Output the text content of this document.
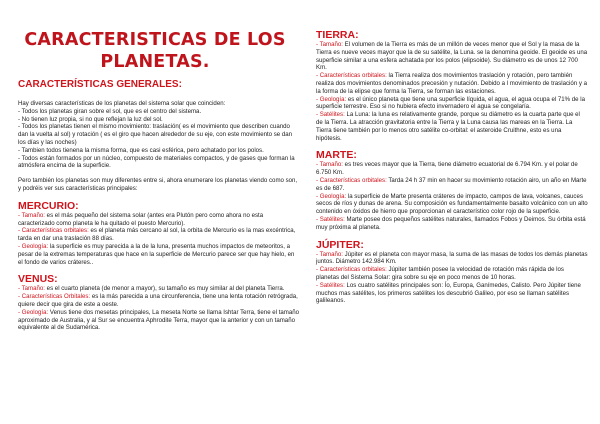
CARACTERISTICAS DE LOS PLANETAS.
CARACTERÍSTICAS GENERALES:

Hay diversas características de los planetas del sistema solar que coinciden:

- Todos los planetas giran sobre el sol, que es el centro del sistema.

- No tienen luz propia, si no que reflejan la luz del sol.

- Todos los planetas tienen el mismo movimiento: traslación( es el movimiento que describen cuando dan la vuelta al sol) y rotación ( es el giro que hacen alrededor de su eje, con este movimiento se dan los días y las noches)

- Tambien todos tienena la misma forma, que es casi esférica, pero achatado por los polos.

- Todos están formados por un núcleo, compuesto de materiales compactos, y de gases que forman la atmósfera encima de la superficie.

Pero también los planetas son muy diferentes entre si, ahora enumerare los planetas viendo como son, y podréis ver sus características principales:

MERCURIO:

- Tamaño: es el más pequeño del sistema solar (antes era Plutón pero como ahora no esta caracterizado como planeta le ha quitado el puesto Mercurio).

- Características orbitales: es el planeta más cercano al sol, la orbita de Mercurio es la mas excéntrica, tarda en dar una traslación 88 días.

- Geología: la superficie es muy parecida a la de la luna, presenta muchos impactos de meteoritos, a pesar de la extremas temperaturas que hace en la superficie de Mercurio parece ser que hay hielo, en el fondo de varios cráteres..

VENUS:

- Tamaño: es el cuarto planeta (de menor a mayor), su tamaño es muy similar al del planeta Tierra.

- Características Orbitales: es la más parecida a una circunferencia, tiene una lenta rotación retrógrada, quiere decir que gira de este a oeste.

- Geología: Venus tiene dos mesetas principales, La meseta Norte se llama Ishtar Terra, tiene el tamaño aproximado de Australia, y al Sur se encuentra Aphrodite Terra, mayor que la anterior y con un tamaño equivalente al de Sudamérica.

TIERRA:

- Tamaño: El volumen de la Tierra es más de un millón de veces menor que el Sol y la masa de la Tierra es nueve veces mayor que la de su satélite, la Luna. se la denomina geoide. El geoide es una superficie similar a una esfera achatada por los polos (elipsoide). Su diámetro es de unos 12 700 Km.

- Características orbitales: la Tierra realiza dos movimientos traslación y rotación, pero también realiza dos movimientos denominados precesión y nutación. Debido a l movimiento de traslación y a la forma de la elipse que forma la Tierra, se forman las estaciones.

- Geología: es el único planeta que tiene una superficie líquida, el agua, el agua ocupa el 71% de la superficie terrestre. Eso si no hubiera efecto invernadero el agua se congelaría.

- Satélites: La Luna: la luna es relativamente grande, porque su diámetro es la cuarta parte que el de la Tierra. La atracción gravitatoria entre la Tierra y la Luna causa las mareas en la Tierra. La Tierra tiene también por lo menos otro satélite co-orbital: el asteroide Cruithne, esto es una hipótesis.

MARTE:

- Tamaño: es tres veces mayor que la Tierra, tiene diámetro ecuatorial de 6.794 Km. y el polar de 6.750 Km.

- Características orbitales: Tarda 24 h 37 min en hacer su movimiento rotación airo, un año en Marte es de 687.

- Geología: la superficie de Marte presenta cráteres de impacto, campos de lava, volcanes, cauces secos de ríos y dunas de arena. Su composición es fundamentalmente basalto volcánico con un alto contenido en óxidos de hierro que proporcionan el característico color rojo de la superficie.

- Satélites: Marte posee dos pequeños satélites naturales, llamados Fobos y Deimos. Su órbita está muy próxima al planeta.

JÚPITER:

- Tamaño: Júpiter es el planeta con mayor masa, la suma de las masas de todos los demás planetas juntos. Diámetro 142.984 Km.

- Características orbitales: Júpiter también posee la velocidad de rotación más rápida de los planetas del Sistema Solar: gira sobre su eje en poco menos de 10 horas.

- Satélites: Los cuatro satélites principales son: Ío, Europa, Ganímedes, Calisto. Pero Júpiter tiene muchos mas satélites, los primeros satélites los descubrió Galileo, por eso se llaman satélites galileanos.
